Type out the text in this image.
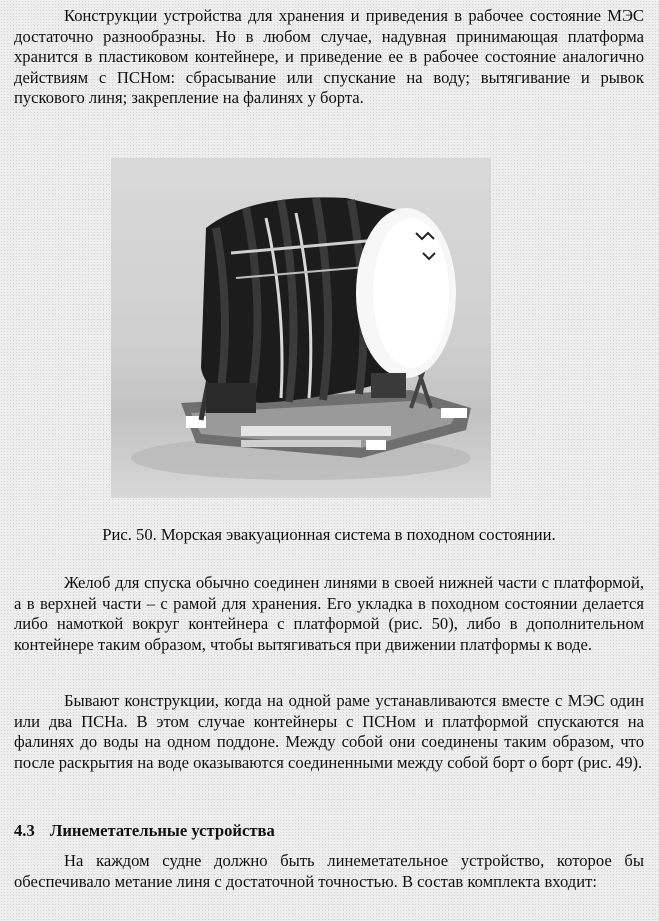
Конструкции устройства для хранения и приведения в рабочее состояние МЭС достаточно разнообразны. Но в любом случае, надувная принимающая платформа хранится в пластиковом контейнере, и приведение ее в рабочее состояние аналогично действиям с ПСНом: сбрасывание или спускание на воду; вытягивание и рывок пускового линя; закрепление на фалинях у борта.

Рис. 50. Морская эвакуационная система в походном состоянии.

Желоб для спуска обычно соединен линями в своей нижней части с платформой, а в верхней части – с рамой для хранения. Его укладка в походном состоянии делается либо намоткой вокруг контейнера с платформой (рис. 50), либо в дополнительном контейнере таким образом, чтобы вытягиваться при движении платформы к воде.

Бывают конструкции, когда на одной раме устанавливаются вместе с МЭС один или два ПСНа. В этом случае контейнеры с ПСНом и платформой спускаются на фалинях до воды на одном поддоне. Между собой они соединены таким образом, что после раскрытия на воде оказываются соединенными между собой борт о борт (рис. 49).

4.3 Линеметательные устройства

На каждом судне должно быть линеметательное устройство, которое бы обеспечивало метание линя с достаточной точностью. В состав комплекта входит:
